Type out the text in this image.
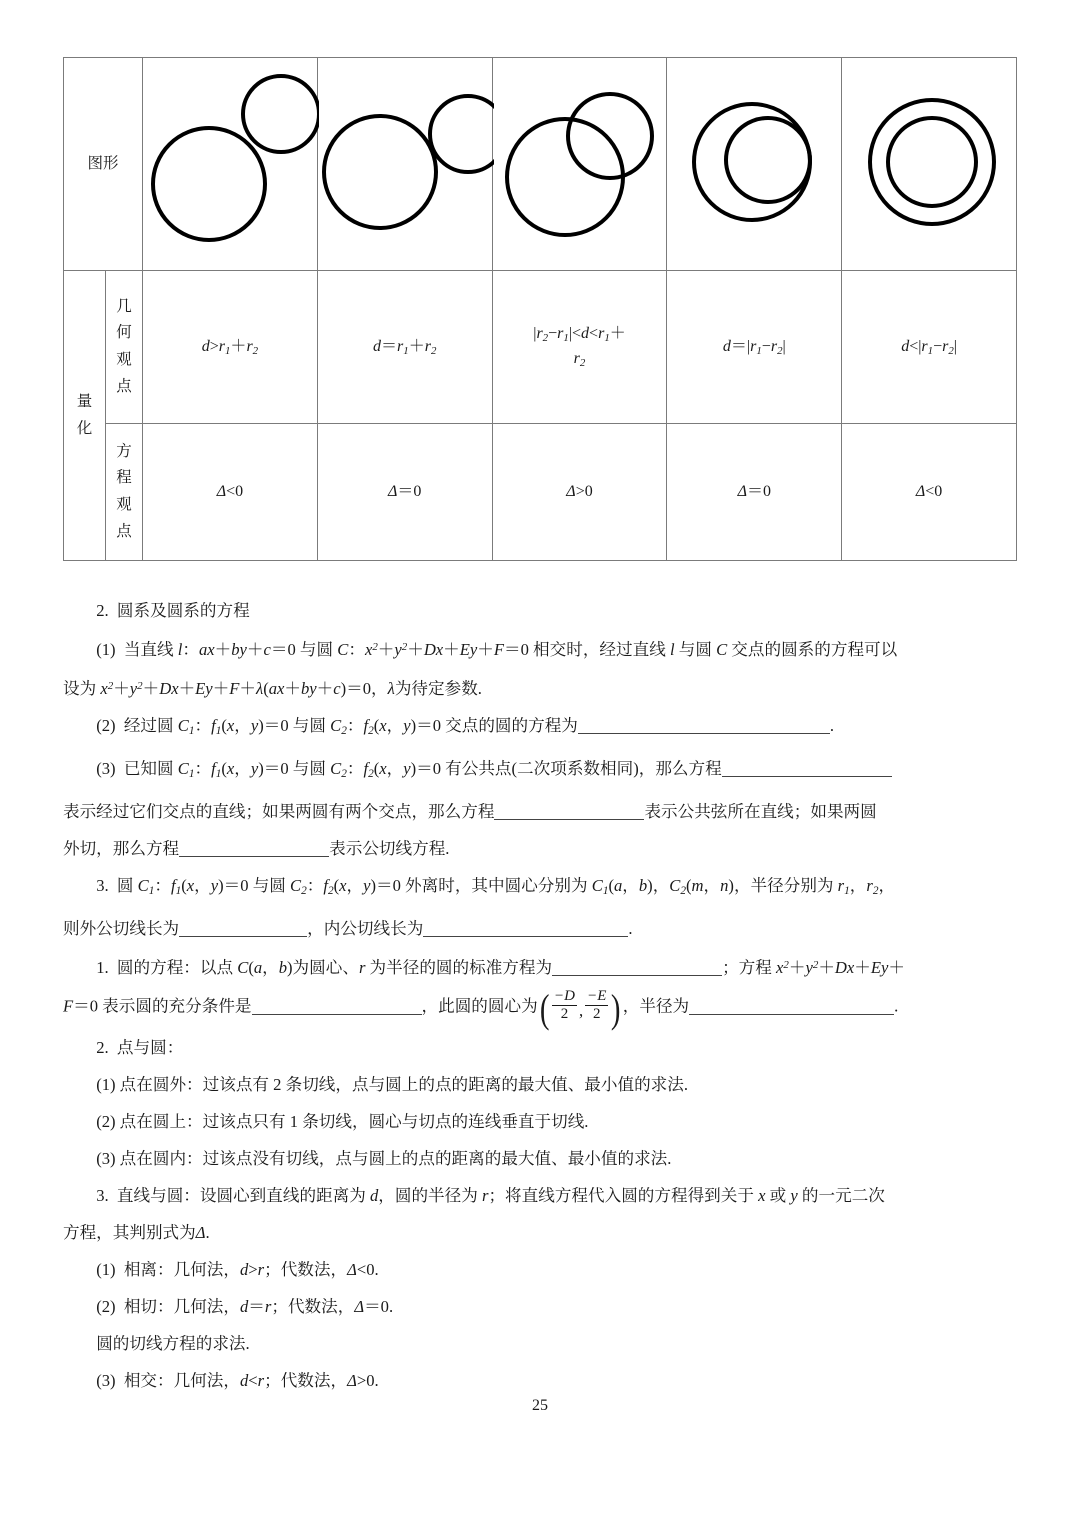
图形	

量化	几何观点	$d>r_1+r_2$	$d=r_1+r_2$	$|r_2-r_1|<d<r_1+$
$r_2$	$d=|r_1-r_2|$	$d<|r_1-r_2|$

	方程观点	Δ<0	Δ＝0	Δ>0	Δ＝0	Δ<0

2.  圆系及圆系的方程

(1)  当直线 l：ax＋by＋c＝0 与圆 C：$x^2+y^2+Dx+Ey+F=0$ 相交时，经过直线 l 与圆 C 交点的圆系的方程可以

设为 $x^2+y^2+Dx+Ey+F+\lambda(ax+by+c)=0$，λ为待定参数.

(2)  经过圆 $C_1$：$f_1(x$，y)＝0 与圆 $C_2$：$f_2(x$，y)＝0 交点的圆的方程为	.

(3)  已知圆 $C_1$：$f_1(x$，y)＝0 与圆 $C_2$：$f_2(x$，y)＝0 有公共点(二次项系数相同)，那么方程

表示经过它们交点的直线；如果两圆有两个交点，那么方程	表示公共弦所在直线；如果两圆

外切，那么方程	表示公切线方程.

3.  圆 $C_1$：$f_1(x$，y)＝0 与圆 $C_2$：$f_2(x$，y)＝0 外离时，其中圆心分别为 $C_1(a$，b)，$C_2(m$，n)，半径分别为 $r_1$，$r_2$，

则外公切线长为	，内公切线长为	.

1.  圆的方程：以点 C(a，b)为圆心、r 为半径的圆的标准方程为	；方程 $x^2+y^2+Dx+Ey+$

F＝0 表示圆的充分条件是	，此圆的圆心为( $\frac{-D}{2}$ , $\frac{-E}{2}$ ) ，半径为	.

2.  点与圆：

(1) 点在圆外：过该点有 2 条切线，点与圆上的点的距离的最大值、最小值的求法.

(2) 点在圆上：过该点只有 1 条切线，圆心与切点的连线垂直于切线.

(3) 点在圆内：过该点没有切线，点与圆上的点的距离的最大值、最小值的求法.

3.  直线与圆：设圆心到直线的距离为 d，圆的半径为 r；将直线方程代入圆的方程得到关于 x 或 y 的一元二次

方程，其判别式为Δ.

(1)  相离：几何法，d>r；代数法，Δ<0.

(2)  相切：几何法，d＝r；代数法，Δ＝0.

圆的切线方程的求法.

(3)  相交：几何法，d<r；代数法，Δ>0.

25
